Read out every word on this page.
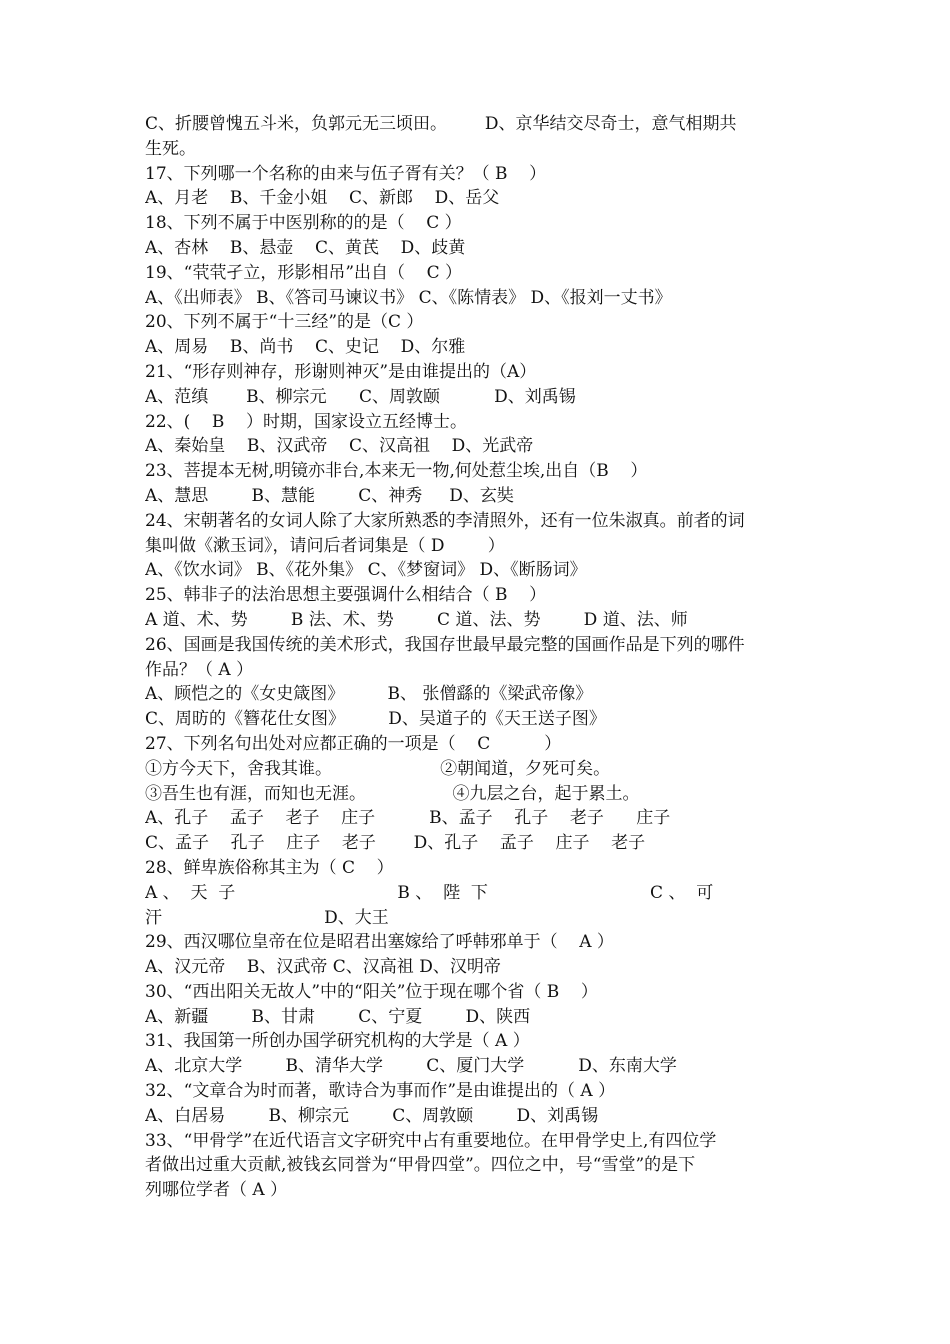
C、折腰曾愧五斗米，负郭元无三顷田。       D、京华结交尽奇士，意气相期共
生死。
17、下列哪一个名称的由来与伍子胥有关？（ B    ）
A、月老    B、千金小姐    C、新郎    D、岳父
18、下列不属于中医别称的的是（    C ）
A、杏林    B、悬壶    C、黄芪    D、歧黄
19、“茕茕孑立，形影相吊”出自（    C ）
A、《出师表》 B、《答司马谏议书》 C、《陈情表》 D、《报刘一丈书》
20、下列不属于“十三经”的是（C ）
A、周易    B、尚书    C、史记    D、尔雅
21、“形存则神存，形谢则神灭”是由谁提出的（A）
A、范缜       B、柳宗元      C、周敦颐          D、刘禹锡
22、(    B    ）时期，国家设立五经博士。
A、秦始皇    B、汉武帝    C、汉高祖    D、光武帝
23、菩提本无树,明镜亦非台,本来无一物,何处惹尘埃,出自（B    ）
A、慧思        B、慧能        C、神秀     D、玄奘
24、宋朝著名的女词人除了大家所熟悉的李清照外，还有一位朱淑真。前者的词
集叫做《漱玉词》，请问后者词集是（ D        ）
A、《饮水词》 B、《花外集》 C、《梦窗词》 D、《断肠词》
25、韩非子的法治思想主要强调什么相结合（ B    ）
A 道、术、势        B 法、术、势        C 道、法、势        D 道、法、师
26、国画是我国传统的美术形式，我国存世最早最完整的国画作品是下列的哪件
作品？（ A ）
A、顾恺之的《女史箴图》        B、 张僧繇的《梁武帝像》
C、周昉的《簪花仕女图》        D、吴道子的《天王送子图》
27、下列名句出处对应都正确的一项是（    C          ）
①方今天下，舍我其谁。                    ②朝闻道，夕死可矣。
③吾生也有涯，而知也无涯。                ④九层之台，起于累土。
A、孔子    孟子    老子    庄子          B、孟子    孔子    老子      庄子
C、孟子    孔子    庄子    老子       D、孔子    孟子    庄子    老子
28、鲜卑族俗称其主为（ C    ）
A 、  天  子                              B 、  陛  下                              C 、  可
汗                              D、大王
29、西汉哪位皇帝在位是昭君出塞嫁给了呼韩邪单于（    A ）
A、汉元帝    B、汉武帝 C、汉高祖 D、汉明帝
30、“西出阳关无故人”中的“阳关”位于现在哪个省（ B    ）
A、新疆        B、甘肃        C、宁夏        D、陕西
31、我国第一所创办国学研究机构的大学是（ A ）
A、北京大学        B、清华大学        C、厦门大学          D、东南大学
32、“文章合为时而著，歌诗合为事而作”是由谁提出的（ A ）
A、白居易        B、柳宗元        C、周敦颐        D、刘禹锡
33、“甲骨学”在近代语言文字研究中占有重要地位。在甲骨学史上,有四位学
者做出过重大贡献,被钱玄同誉为“甲骨四堂”。四位之中，号“雪堂”的是下
列哪位学者（ A ）
